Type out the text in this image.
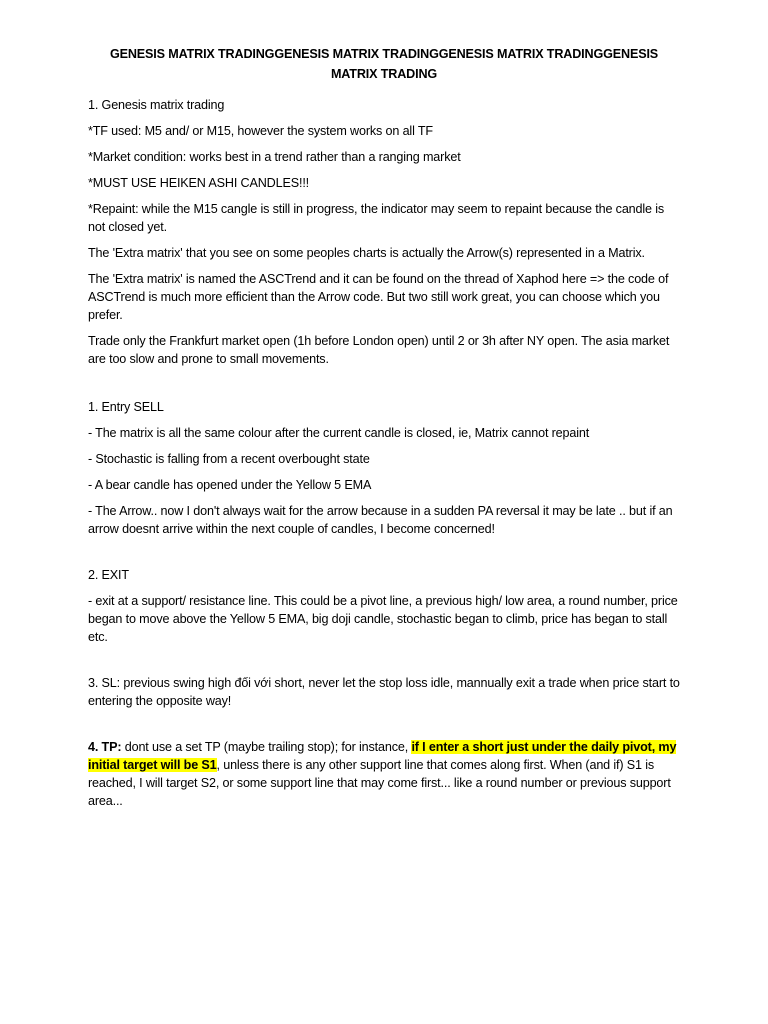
GENESIS MATRIX TRADINGGENESIS MATRIX TRADINGGENESIS MATRIX TRADINGGENESIS MATRIX TRADING

1. Genesis matrix trading

*TF used: M5 and/ or M15, however the system works on all TF

*Market condition: works best in a trend rather than a ranging market

*MUST USE HEIKEN ASHI CANDLES!!!

*Repaint: while the M15 cangle is still in progress, the indicator may seem to repaint because the candle is not closed yet.

The 'Extra matrix' that you see on some peoples charts is actually the Arrow(s) represented in a Matrix.

The 'Extra matrix' is named the ASCTrend and it can be found on the thread of Xaphod here => the code of ASCTrend is much more efficient than the Arrow code. But two still work great, you can choose which you prefer.

Trade only the Frankfurt market open (1h before London open) until 2 or 3h after NY open. The asia market are too slow and prone to small movements.

1. Entry SELL

- The matrix is all the same colour after the current candle is closed, ie, Matrix cannot repaint

- Stochastic is falling from a recent overbought state

- A bear candle has opened under the Yellow 5 EMA

- The Arrow.. now I don't always wait for the arrow because in a sudden PA reversal it may be late .. but if an arrow doesnt arrive within the next couple of candles, I become concerned!

2. EXIT

- exit at a support/ resistance line. This could be a pivot line, a previous high/ low area, a round number, price began to move above the Yellow 5 EMA, big doji candle, stochastic began to climb, price has began to stall etc.

3. SL: previous swing high đối với short, never let the stop loss idle, mannually exit a trade when price start to entering the opposite way!

4. TP: dont use a set TP (maybe trailing stop); for instance, if I enter a short just under the daily pivot, my initial target will be S1, unless there is any other support line that comes along first. When (and if) S1 is reached, I will target S2, or some support line that may come first... like a round number or previous support area...
